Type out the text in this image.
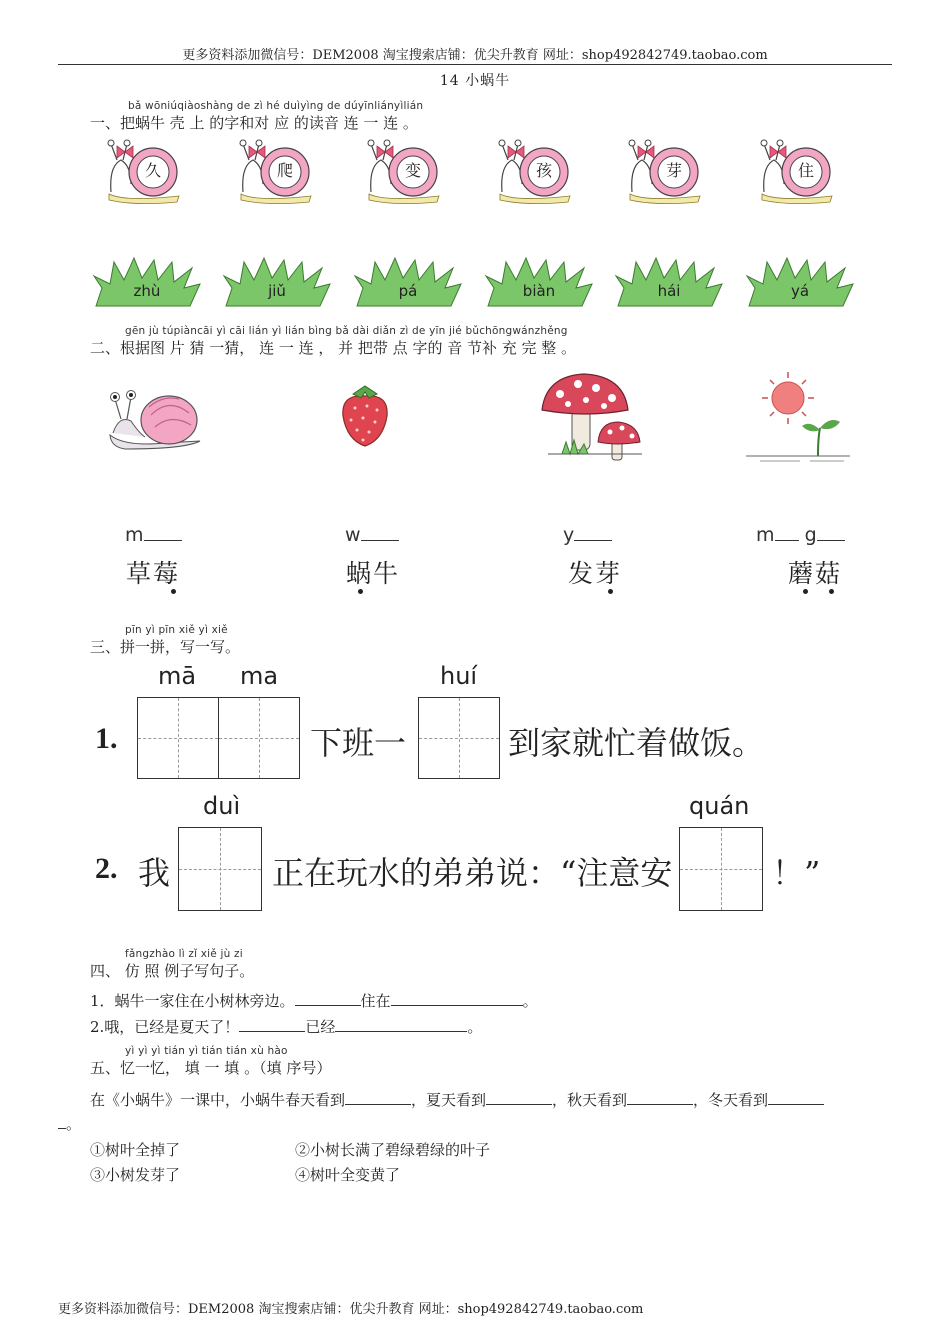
更多资料添加微信号：DEM2008 淘宝搜索店铺：优尖升教育 网址：shop492842749.taobao.com
14 小蜗牛
bǎ wōniúqiàoshàng de zì hé duìyìng de dúyīnliányìlián
一、把蜗牛 壳 上 的字和对 应 的读音 连 一 连 。
久	爬	变	孩	芽	住
zhù	jiǔ	pá	biàn	hái	yá
gēn jù túpiàncāi yì cāi lián yì lián bìng bǎ dài diǎn zì de yīn jié bǔchōngwánzhěng
二、根据图 片 猜 一猜， 连 一 连 ， 并 把带 点 字的 音 节补 充 完 整 。
m
草莓
w
蜗牛
y
发芽
m g
蘑菇
pīn yì pīn xiě yì xiě
三、拼一拼，写一写。
mā ma	huí
1.	下班一	到家就忙着做饭。
duì	quán
2. 我	正在玩水的弟弟说：“注意安	！”
fǎngzhào lì zǐ xiě jù zi
四、 仿 照 例子写句子。
1．蜗牛一家住在小树林旁边。	住在	。
2.哦，已经是夏天了！	已经	。
yì yì yì tián yì tián tián xù hào
五、忆一忆， 填 一 填 。（填 序号）
在《小蜗牛》一课中，小蜗牛春天看到	，夏天看到	，秋天看到	，冬天看到
。
①树叶全掉了	②小树长满了碧绿碧绿的叶子
③小树发芽了	④树叶全变黄了
更多资料添加微信号：DEM2008 淘宝搜索店铺：优尖升教育 网址：shop492842749.taobao.com
